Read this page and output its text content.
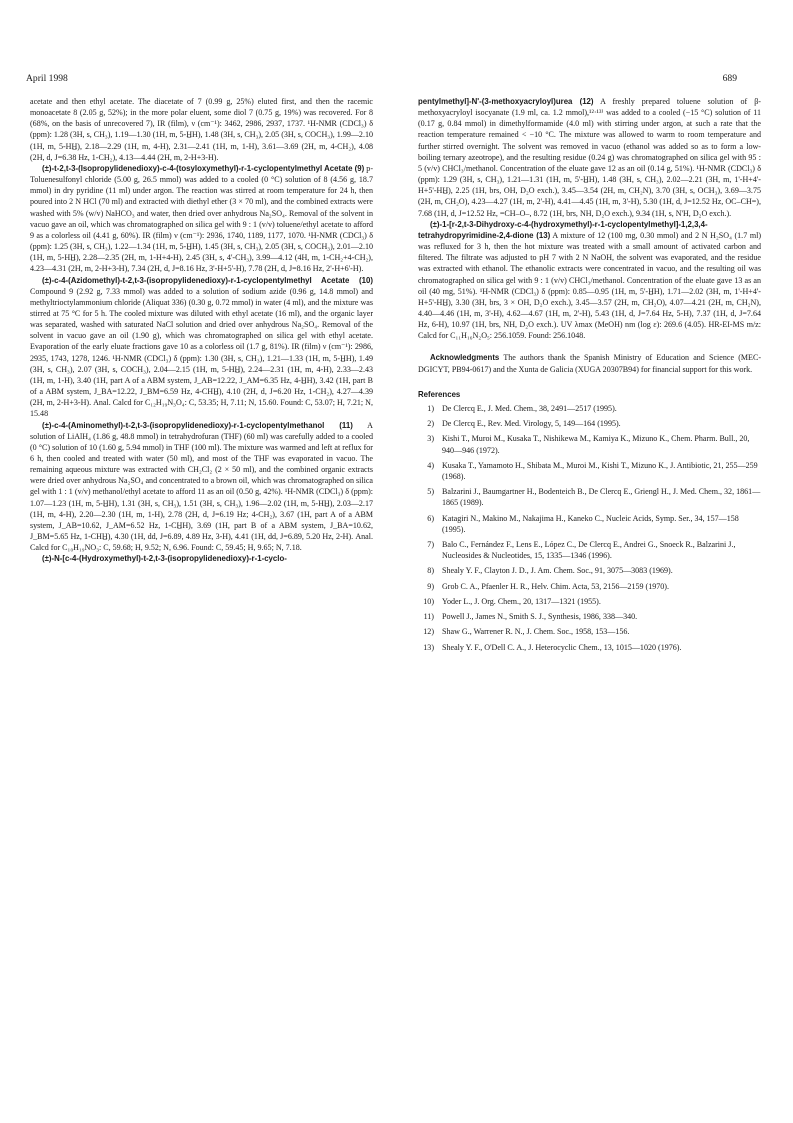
April 1998	689

acetate and then ethyl acetate. The diacetate of 7 (0.99 g, 25%) eluted first, and then the racemic monoacetate 8 (2.05 g, 52%); in the more polar eluent, some diol 7 (0.75 g, 19%) was recovered. For 8 (68%, on the basis of unrecovered 7), IR (film), ν (cm⁻¹): 3462, 2986, 2937, 1737. ¹H-NMR (CDCl₃) δ (ppm): 1.28 (3H, s, CH₃), 1.19—1.30 (1H, m, 5-H̲H), 1.48 (3H, s, CH₃), 2.05 (3H, s, COCH₃), 1.99—2.10 (1H, m, 5-HH̲), 2.18—2.29 (1H, m, 4-H), 2.31—2.41 (1H, m, 1-H), 3.61—3.69 (2H, m, 4-CH₂), 4.08 (2H, d, J=6.38 Hz, 1-CH₂), 4.13—4.44 (2H, m, 2-H+3-H).

(±)-t-2,t-3-(Isopropylidenedioxy)-c-4-(tosyloxymethyl)-r-1-cyclopentylmethyl Acetate (9) p-Toluenesulfonyl chloride (5.00 g, 26.5 mmol) was added to a cooled (0 °C) solution of 8 (4.56 g, 18.7 mmol) in dry pyridine (11 ml) under argon. The reaction was stirred at room temperature for 24 h, then poured into 2 N HCl (70 ml) and extracted with diethyl ether (3 × 70 ml), and the combined extracts were washed with 5% (w/v) NaHCO₃ and water, then dried over anhydrous Na₂SO₄. Removal of the solvent in vacuo gave an oil, which was chromatographed on silica gel with 9 : 1 (v/v) toluene/ethyl acetate to afford 9 as a colorless oil (4.41 g, 60%). IR (film) ν (cm⁻¹): 2936, 1740, 1189, 1177, 1070. ¹H-NMR (CDCl₃) δ (ppm): 1.25 (3H, s, CH₃), 1.22—1.34 (1H, m, 5-H̲H), 1.45 (3H, s, CH₃), 2.05 (3H, s, COCH₃), 2.01—2.10 (1H, m, 5-HH̲), 2.28—2.35 (2H, m, 1-H+4-H), 2.45 (3H, s, 4'-CH₃), 3.99—4.12 (4H, m, 1-CH₂+4-CH₂), 4.23—4.31 (2H, m, 2-H+3-H), 7.34 (2H, d, J=8.16 Hz, 3'-H+5'-H), 7.78 (2H, d, J=8.16 Hz, 2'-H+6'-H).

(±)-c-4-(Azidomethyl)-t-2,t-3-(isopropylidenedioxy)-r-1-cyclopentylmethyl Acetate (10) Compound 9 (2.92 g, 7.33 mmol) was added to a solution of sodium azide (0.96 g, 14.8 mmol) and methyltrioctylammonium chloride (Aliquat 336) (0.30 g, 0.72 mmol) in water (4 ml), and the mixture was stirred at 75 °C for 5 h. The cooled mixture was diluted with ethyl acetate (16 ml), and the organic layer was separated, washed with saturated NaCl solution and dried over anhydrous Na₂SO₄. Removal of the solvent in vacuo gave an oil (1.90 g), which was chromatographed on silica gel with ethyl acetate. Evaporation of the early eluate fractions gave 10 as a colorless oil (1.7 g, 81%). IR (film) ν (cm⁻¹): 2986, 2935, 1743, 1278, 1246. ¹H-NMR (CDCl₃) δ (ppm): 1.30 (3H, s, CH₃), 1.21—1.33 (1H, m, 5-H̲H), 1.49 (3H, s, CH₃), 2.07 (3H, s, COCH₃), 2.04—2.15 (1H, m, 5-HH̲), 2.24—2.31 (1H, m, 4-H), 2.33—2.43 (1H, m, 1-H), 3.40 (1H, part A of a ABM system, J_AB=12.22, J_AM=6.35 Hz, 4-H̲H), 3.42 (1H, part B of a ABM system, J_BA=12.22, J_BM=6.59 Hz, 4-CHH̲), 4.10 (2H, d, J=6.20 Hz, 1-CH₂), 4.27—4.39 (2H, m, 2-H+3-H). Anal. Calcd for C₁₂H₁₉N₃O₄: C, 53.35; H, 7.11; N, 15.60. Found: C, 53.07; H, 7.21; N, 15.48

(±)-c-4-(Aminomethyl)-t-2,t-3-(isopropylidenedioxy)-r-1-cyclopentylmethanol (11) A solution of LiAlH₄ (1.86 g, 48.8 mmol) in tetrahydrofuran (THF) (60 ml) was carefully added to a cooled (0 °C) solution of 10 (1.60 g, 5.94 mmol) in THF (100 ml). The mixture was warmed and left at reflux for 6 h, then cooled and treated with water (50 ml), and most of the THF was evaporated in vacuo. The remaining aqueous mixture was extracted with CH₂Cl₂ (2 × 50 ml), and the combined organic extracts were dried over anhydrous Na₂SO₄ and concentrated to a brown oil, which was chromatographed on silica gel with 1 : 1 (v/v) methanol/ethyl acetate to afford 11 as an oil (0.50 g, 42%). ¹H-NMR (CDCl₃) δ (ppm): 1.07—1.23 (1H, m, 5-H̲H), 1.31 (3H, s, CH₃), 1.51 (3H, s, CH₃), 1.96—2.02 (1H, m, 5-HH̲), 2.03—2.17 (1H, m, 4-H), 2.20—2.30 (1H, m, 1-H), 2.78 (2H, d, J=6.19 Hz; 4-CH₂), 3.67 (1H, part A of a ABM system, J_AB=10.62, J_AM=6.52 Hz, 1-CH̲H), 3.69 (1H, part B of a ABM system, J_BA=10.62, J_BM=5.65 Hz, 1-CHH̲), 4.30 (1H, dd, J=6.89, 4.89 Hz, 3-H), 4.41 (1H, dd, J=6.89, 5.20 Hz, 2-H). Anal. Calcd for C₁₀H₁₉NO₃: C, 59.68; H, 9.52; N, 6.96. Found: C, 59.45; H, 9.65; N, 7.18.

(±)-N-[c-4-(Hydroxymethyl)-t-2,t-3-(isopropylidenedioxy)-r-1-cyclo-

pentylmethyl]-N'-(3-methoxyacryloyl)urea (12) A freshly prepared toluene solution of β-methoxyacryloyl isocyanate (1.9 ml, ca. 1.2 mmol),¹²·¹³⁾ was added to a cooled (−15 °C) solution of 11 (0.17 g, 0.84 mmol) in dimethylformamide (4.0 ml) with stirring under argon, at such a rate that the reaction temperature remained < −10 °C. The mixture was allowed to warm to room temperature and further stirred overnight. The solvent was removed in vacuo (ethanol was added so as to form a low-boiling ternary azeotrope), and the resulting residue (0.24 g) was chromatographed on silica gel with 95 : 5 (v/v) CHCl₃/methanol. Concentration of the eluate gave 12 as an oil (0.14 g, 51%). ¹H-NMR (CDCl₃) δ (ppm): 1.29 (3H, s, CH₃), 1.21—1.31 (1H, m, 5'-H̲H), 1.48 (3H, s, CH₃), 2.02—2.21 (3H, m, 1'-H+4'-H+5'-HH̲), 2.25 (1H, brs, OH, D₂O exch.), 3.45—3.54 (2H, m, CH₂N), 3.70 (3H, s, OCH₃), 3.69—3.75 (2H, m, CH₂O), 4.23—4.27 (1H, m, 2'-H), 4.41—4.45 (1H, m, 3'-H), 5.30 (1H, d, J=12.52 Hz, OC–CH=), 7.68 (1H, d, J=12.52 Hz, =CH–O–, 8.72 (1H, brs, NH, D₂O exch.), 9.34 (1H, s, N'H, D₂O exch.).

(±)-1-[r-2,t-3-Dihydroxy-c-4-(hydroxymethyl)-r-1-cyclopentylmethyl]-1,2,3,4-tetrahydropyrimidine-2,4-dione (13) A mixture of 12 (100 mg, 0.30 mmol) and 2 N H₂SO₄ (1.7 ml) was refluxed for 3 h, then the hot mixture was treated with a small amount of activated carbon and filtered. The filtrate was adjusted to pH 7 with 2 N NaOH, the solvent was evaporated, and the residue was extracted with ethanol. The ethanolic extracts were concentrated in vacuo, and the resulting oil was chromatographed on silica gel with 9 : 1 (v/v) CHCl₃/methanol. Concentration of the eluate gave 13 as an oil (40 mg, 51%). ¹H-NMR (CDCl₃) δ (ppm): 0.85—0.95 (1H, m, 5'-H̲H), 1.71—2.02 (3H, m, 1'-H+4'-H+5'-HH̲), 3.30 (3H, brs, 3 × OH, D₂O exch.), 3.45—3.57 (2H, m, CH₂O), 4.07—4.21 (2H, m, CH₂N), 4.40—4.46 (1H, m, 3'-H), 4.62—4.67 (1H, m, 2'-H), 5.43 (1H, d, J=7.64 Hz, 5-H), 7.37 (1H, d, J=7.64 Hz, 6-H), 10.97 (1H, brs, NH, D₂O exch.). UV λmax (MeOH) nm (log ε): 269.6 (4.05). HR-EI-MS m/z: Calcd for C₁₁H₁₆N₂O₅: 256.1059. Found: 256.1048.

Acknowledgments The authors thank the Spanish Ministry of Education and Science (MEC-DGICYT, PB94-0617) and the Xunta de Galicia (XUGA 20307B94) for financial support for this work.

References
1) De Clercq E., J. Med. Chem., 38, 2491—2517 (1995).
2) De Clercq E., Rev. Med. Virology, 5, 149—164 (1995).
3) Kishi T., Muroi M., Kusaka T., Nishikewa M., Kamiya K., Mizuno K., Chem. Pharm. Bull., 20, 940—946 (1972).
4) Kusaka T., Yamamoto H., Shibata M., Muroi M., Kishi T., Mizuno K., J. Antibiotic, 21, 255—259 (1968).
5) Balzarini J., Baumgartner H., Bodenteich B., De Clercq E., Griengl H., J. Med. Chem., 32, 1861—1865 (1989).
6) Katagiri N., Makino M., Nakajima H., Kaneko C., Nucleic Acids, Symp. Ser., 34, 157—158 (1995).
7) Balo C., Fernández F., Lens E., López C., De Clercq E., Andrei G., Snoeck R., Balzarini J., Nucleosides & Nucleotides, 15, 1335—1346 (1996).
8) Shealy Y. F., Clayton J. D., J. Am. Chem. Soc., 91, 3075—3083 (1969).
9) Grob C. A., Pfaenler H. R., Helv. Chim. Acta, 53, 2156—2159 (1970).
10) Yoder L., J. Org. Chem., 20, 1317—1321 (1955).
11) Powell J., James N., Smith S. J., Synthesis, 1986, 338—340.
12) Shaw G., Warrener R. N., J. Chem. Soc., 1958, 153—156.
13) Shealy Y. F., O'Dell C. A., J. Heterocyclic Chem., 13, 1015—1020 (1976).
